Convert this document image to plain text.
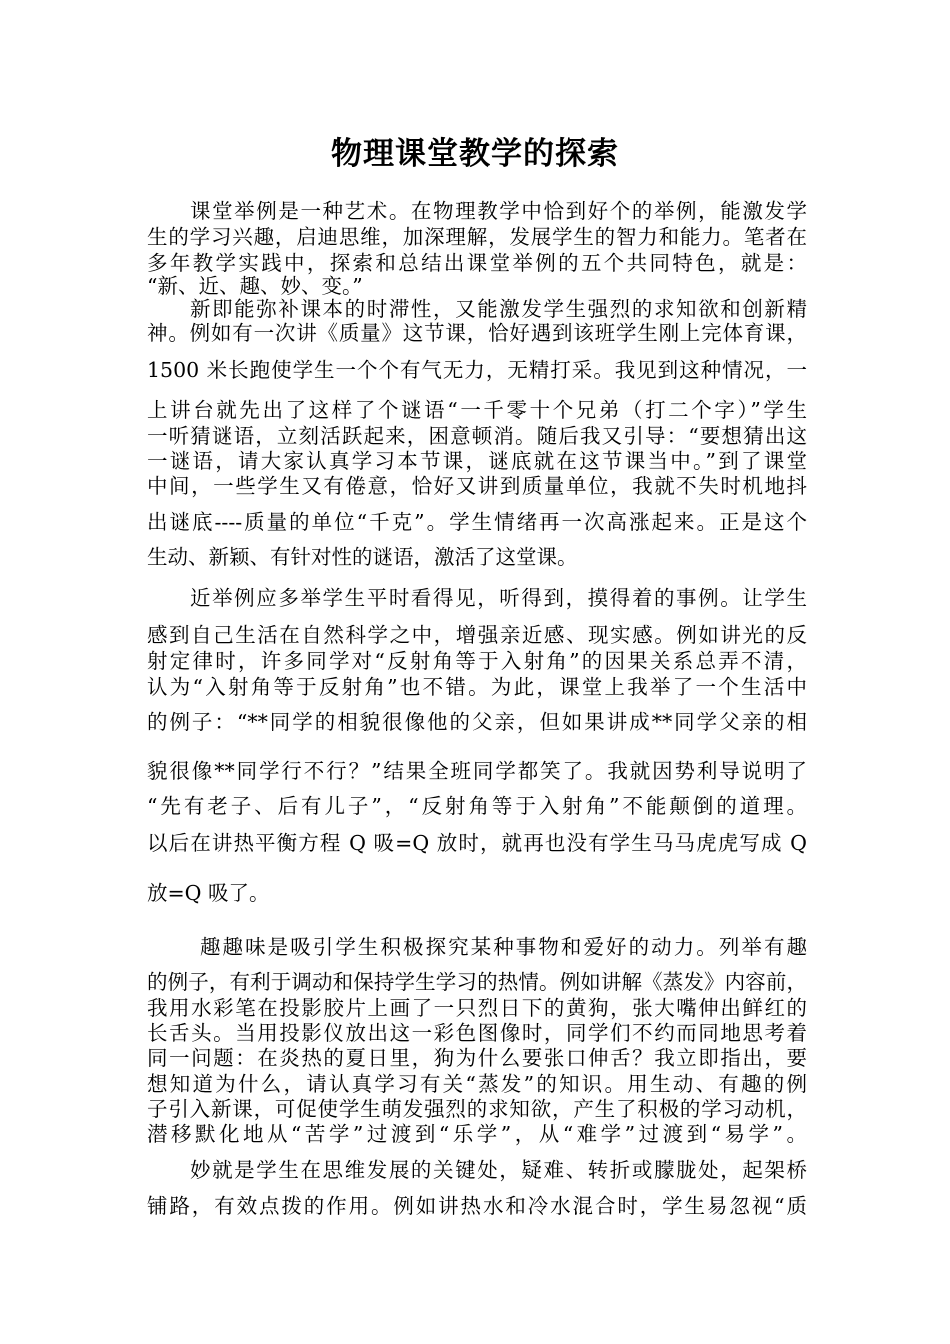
物理课堂教学的探索
课堂举例是一种艺术。在物理教学中恰到好个的举例，能激发学
生的学习兴趣，启迪思维，加深理解，发展学生的智力和能力。笔者在
多年教学实践中，探索和总结出课堂举例的五个共同特色，就是：
“新、近、趣、妙、变。”
新即能弥补课本的时滞性，又能激发学生强烈的求知欲和创新精
神。例如有一次讲《质量》这节课，恰好遇到该班学生刚上完体育课，
1500 米长跑使学生一个个有气无力，无精打采。我见到这种情况，一
上讲台就先出了这样了个谜语“一千零十个兄弟（打二个字）”学生
一听猜谜语，立刻活跃起来，困意顿消。随后我又引导：“要想猜出这
一谜语，请大家认真学习本节课，谜底就在这节课当中。”到了课堂
中间，一些学生又有倦意，恰好又讲到质量单位，我就不失时机地抖
出谜底----质量的单位“千克”。学生情绪再一次高涨起来。正是这个
生动、新颖、有针对性的谜语，激活了这堂课。
近举例应多举学生平时看得见，听得到，摸得着的事例。让学生
感到自己生活在自然科学之中，增强亲近感、现实感。例如讲光的反
射定律时，许多同学对“反射角等于入射角”的因果关系总弄不清，
认为“入射角等于反射角”也不错。为此，课堂上我举了一个生活中
的例子：“**同学的相貌很像他的父亲，但如果讲成**同学父亲的相
貌很像**同学行不行？”结果全班同学都笑了。我就因势利导说明了
“先有老子、后有儿子”，“反射角等于入射角”不能颠倒的道理。
以后在讲热平衡方程 Q 吸=Q 放时，就再也没有学生马马虎虎写成 Q
放=Q 吸了。
趣趣味是吸引学生积极探究某种事物和爱好的动力。列举有趣
的例子，有利于调动和保持学生学习的热情。例如讲解《蒸发》内容前，
我用水彩笔在投影胶片上画了一只烈日下的黄狗，张大嘴伸出鲜红的
长舌头。当用投影仪放出这一彩色图像时，同学们不约而同地思考着
同一问题：在炎热的夏日里，狗为什么要张口伸舌？我立即指出，要
想知道为什么，请认真学习有关“蒸发”的知识。用生动、有趣的例
子引入新课，可促使学生萌发强烈的求知欲，产生了积极的学习动机，
潜移默化地从“苦学”过渡到“乐学”，从“难学”过渡到“易学”。
妙就是学生在思维发展的关键处，疑难、转折或朦胧处，起架桥
铺路，有效点拨的作用。例如讲热水和冷水混合时，学生易忽视“质
